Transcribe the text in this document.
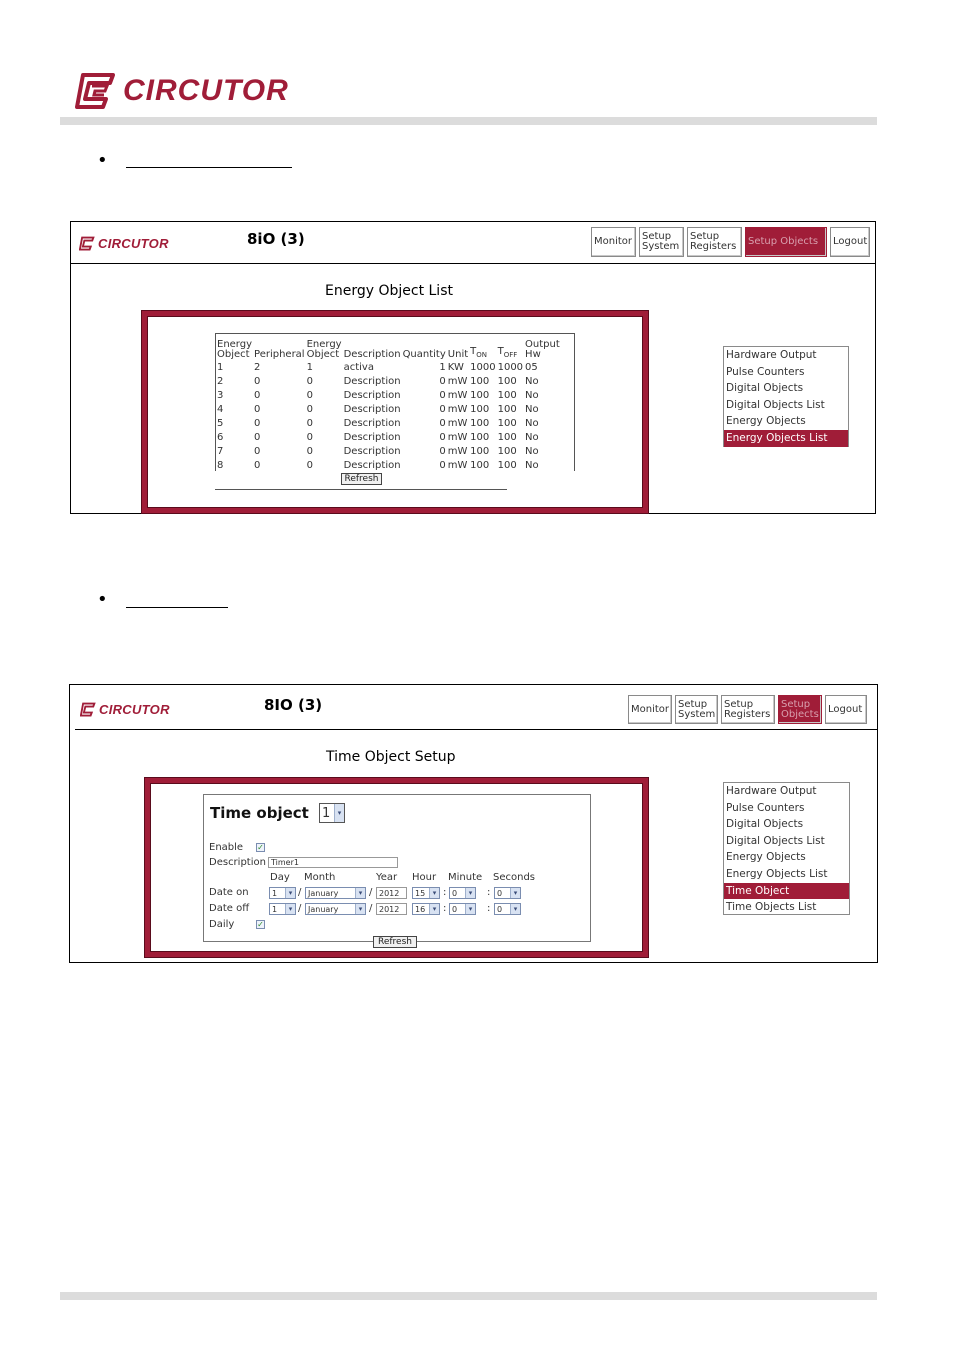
CIRCUTOR
•
CIRCUTOR	8iO (3)	Monitor Setup
System
Setup
Registers	Setup Objects	Logout
Energy Object List
Energy
Object	Peripheral	Energy
Object	Description	Quantity	Unit	$T_{ON}$	$T_{OFF}$	Output
Hw
1	2	1	activa	1	KW	1000	1000	05
2	0	0	Description	0	mW	100	100	No
3	0	0	Description	0	mW	100	100	No
4	0	0	Description	0	mW	100	100	No
5	0	0	Description	0	mW	100	100	No
6	0	0	Description	0	mW	100	100	No
7	0	0	Description	0	mW	100	100	No
8	0	0	Description	0	mW	100	100	No
Refresh
Hardware Output
Pulse Counters
Digital Objects
Digital Objects List
Energy Objects
Energy Objects List
•
CIRCUTOR	8IO (3)	Monitor Setup
System
Setup
Registers
Setup
Objects Logout
Time Object Setup
Time object 1	▾
Enable ✓
Description Timer1
Day Month	Year Hour Minute Seconds
Date on	1	▾ / January	▾ / 2012	15	▾ : 0	▾ : 0	▾
Date off	1	▾ / January	▾ / 2012	16	▾ : 0	▾ : 0	▾
Daily	✓
Refresh
Hardware Output
Pulse Counters
Digital Objects
Digital Objects List
Energy Objects
Energy Objects List
Time Object
Time Objects List
